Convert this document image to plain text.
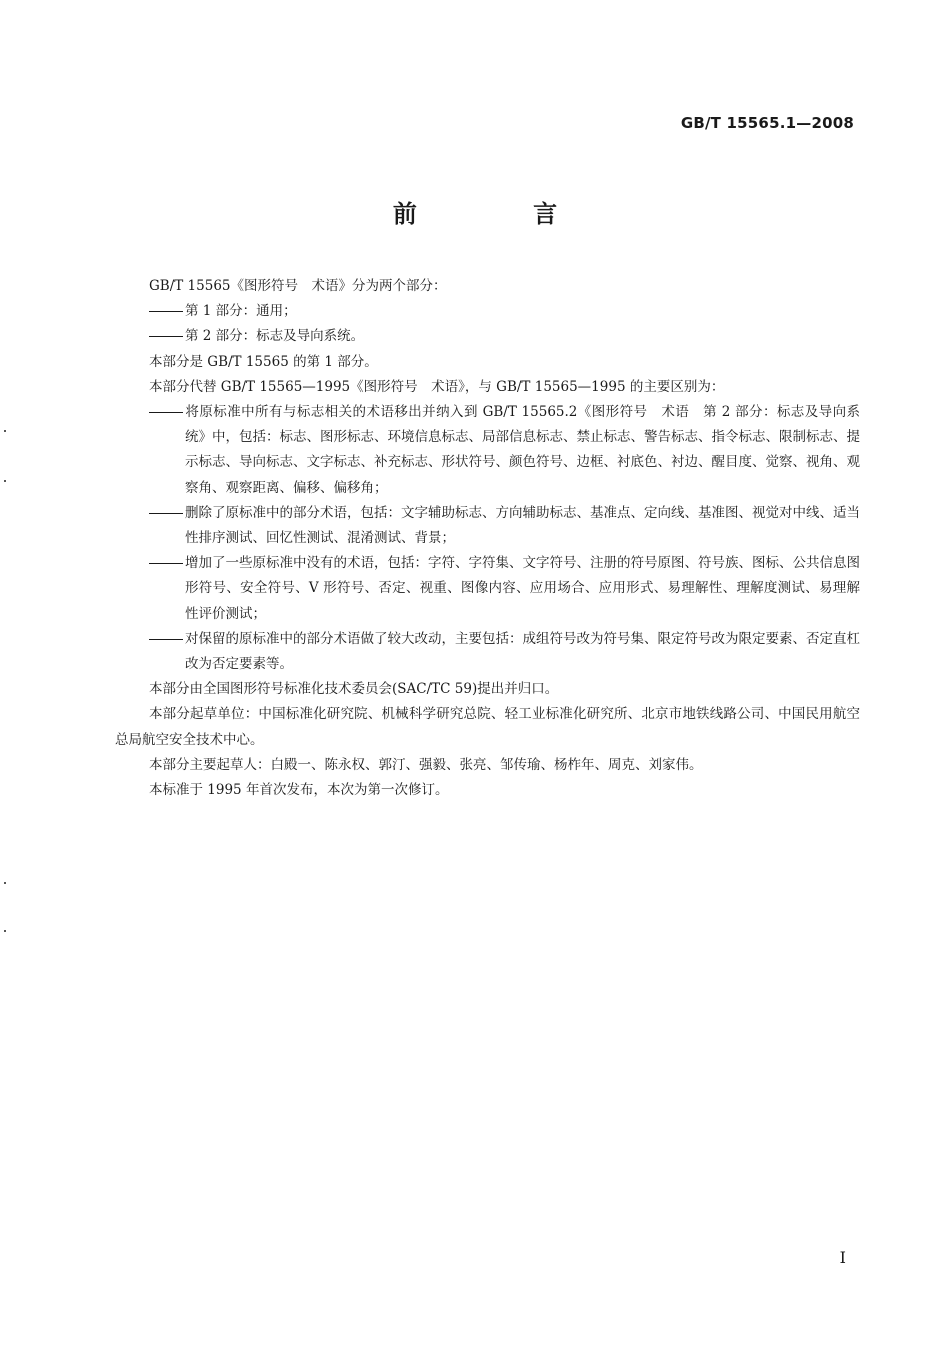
GB/T 15565.1—2008
前 言

GB/T 15565《图形符号　术语》分为两个部分：

第 1 部分：通用；

第 2 部分：标志及导向系统。

本部分是 GB/T 15565 的第 1 部分。

本部分代替 GB/T 15565—1995《图形符号　术语》，与 GB/T 15565—1995 的主要区别为：

将原标准中所有与标志相关的术语移出并纳入到 GB/T 15565.2《图形符号　术语　第 2 部分：标志及导向系统》中，包括：标志、图形标志、环境信息标志、局部信息标志、禁止标志、警告标志、指令标志、限制标志、提示标志、导向标志、文字标志、补充标志、形状符号、颜色符号、边框、衬底色、衬边、醒目度、觉察、视角、观察角、观察距离、偏移、偏移角；

删除了原标准中的部分术语，包括：文字辅助标志、方向辅助标志、基准点、定向线、基准图、视觉对中线、适当性排序测试、回忆性测试、混淆测试、背景；

增加了一些原标准中没有的术语，包括：字符、字符集、文字符号、注册的符号原图、符号族、图标、公共信息图形符号、安全符号、V 形符号、否定、视重、图像内容、应用场合、应用形式、易理解性、理解度测试、易理解性评价测试；

对保留的原标准中的部分术语做了较大改动，主要包括：成组符号改为符号集、限定符号改为限定要素、否定直杠改为否定要素等。

本部分由全国图形符号标准化技术委员会(SAC/TC 59)提出并归口。

本部分起草单位：中国标准化研究院、机械科学研究总院、轻工业标准化研究所、北京市地铁线路公司、中国民用航空总局航空安全技术中心。

本部分主要起草人：白殿一、陈永权、郭汀、强毅、张亮、邹传瑜、杨柞年、周克、刘家伟。

本标准于 1995 年首次发布，本次为第一次修订。

I
